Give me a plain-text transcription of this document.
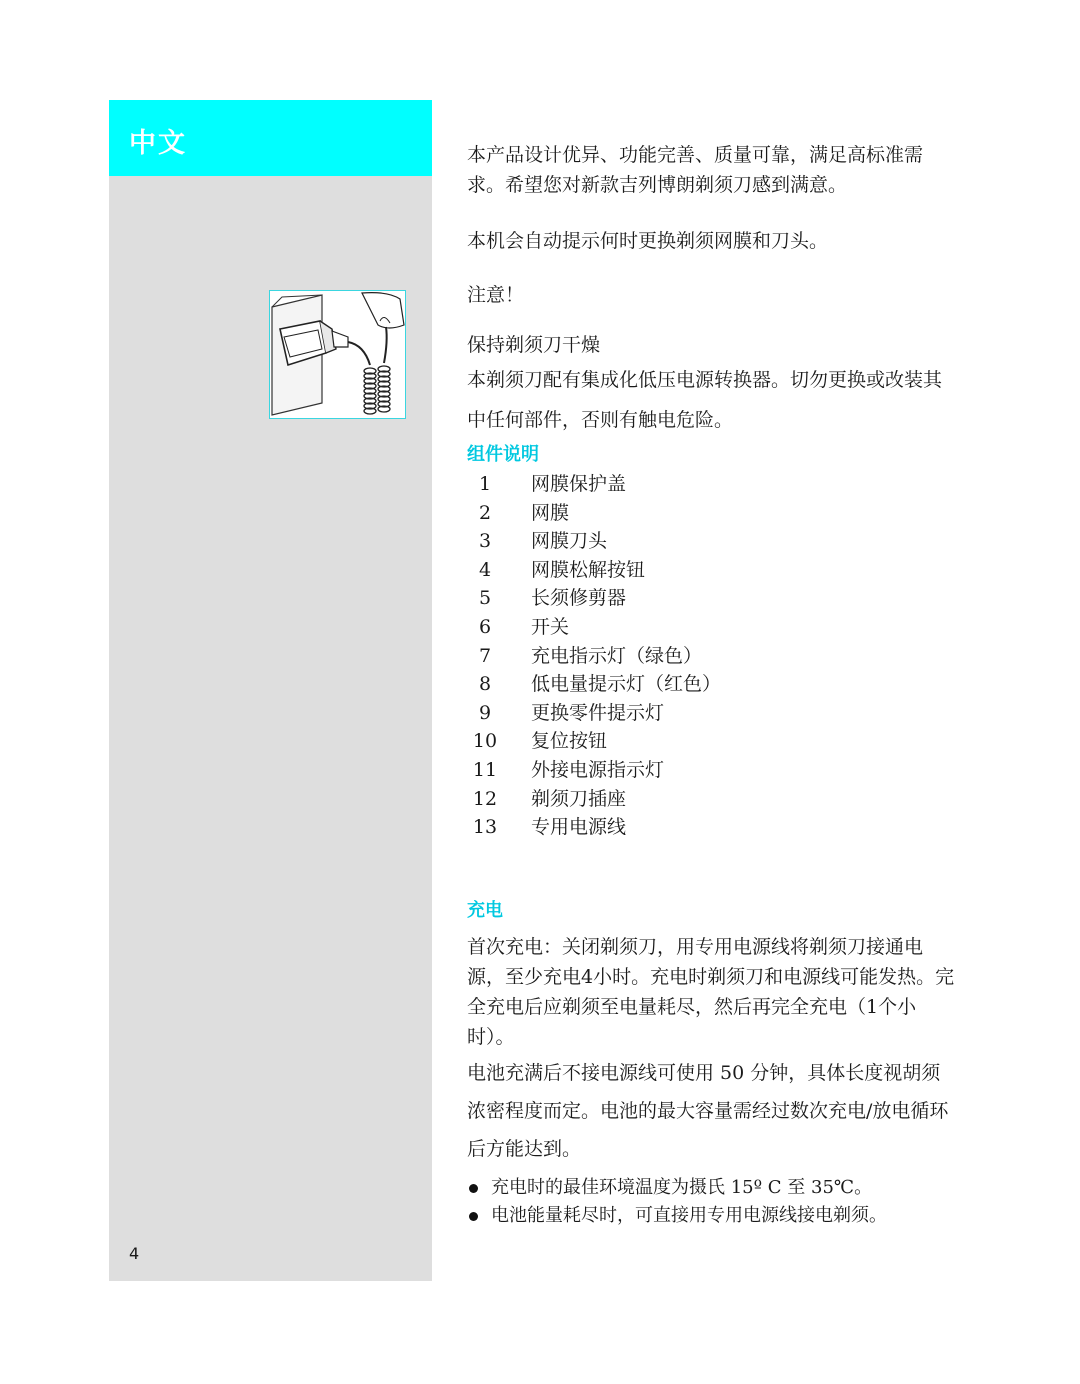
中文
4

本产品设计优异、功能完善、质量可靠，满足高标准需求。希望您对新款吉列博朗剃须刀感到满意。

本机会自动提示何时更换剃须网膜和刀头。

注意！

保持剃须刀干燥

本剃须刀配有集成化低压电源转换器。切勿更换或改装其中任何部件，否则有触电危险。

组件说明
1	网膜保护盖
2	网膜
3	网膜刀头
4	网膜松解按钮
5	长须修剪器
6	开关
7	充电指示灯（绿色）
8	低电量提示灯（红色）
9	更换零件提示灯
10	复位按钮
11	外接电源指示灯
12	剃须刀插座
13	专用电源线
充电

首次充电：关闭剃须刀，用专用电源线将剃须刀接通电源，至少充电4小时。充电时剃须刀和电源线可能发热。完全充电后应剃须至电量耗尽，然后再完全充电（1个小时）。

电池充满后不接电源线可使用 50 分钟，具体长度视胡须浓密程度而定。电池的最大容量需经过数次充电/放电循环后方能达到。

充电时的最佳环境温度为摄氏 15º C 至 35℃。
电池能量耗尽时，可直接用专用电源线接电剃须。
